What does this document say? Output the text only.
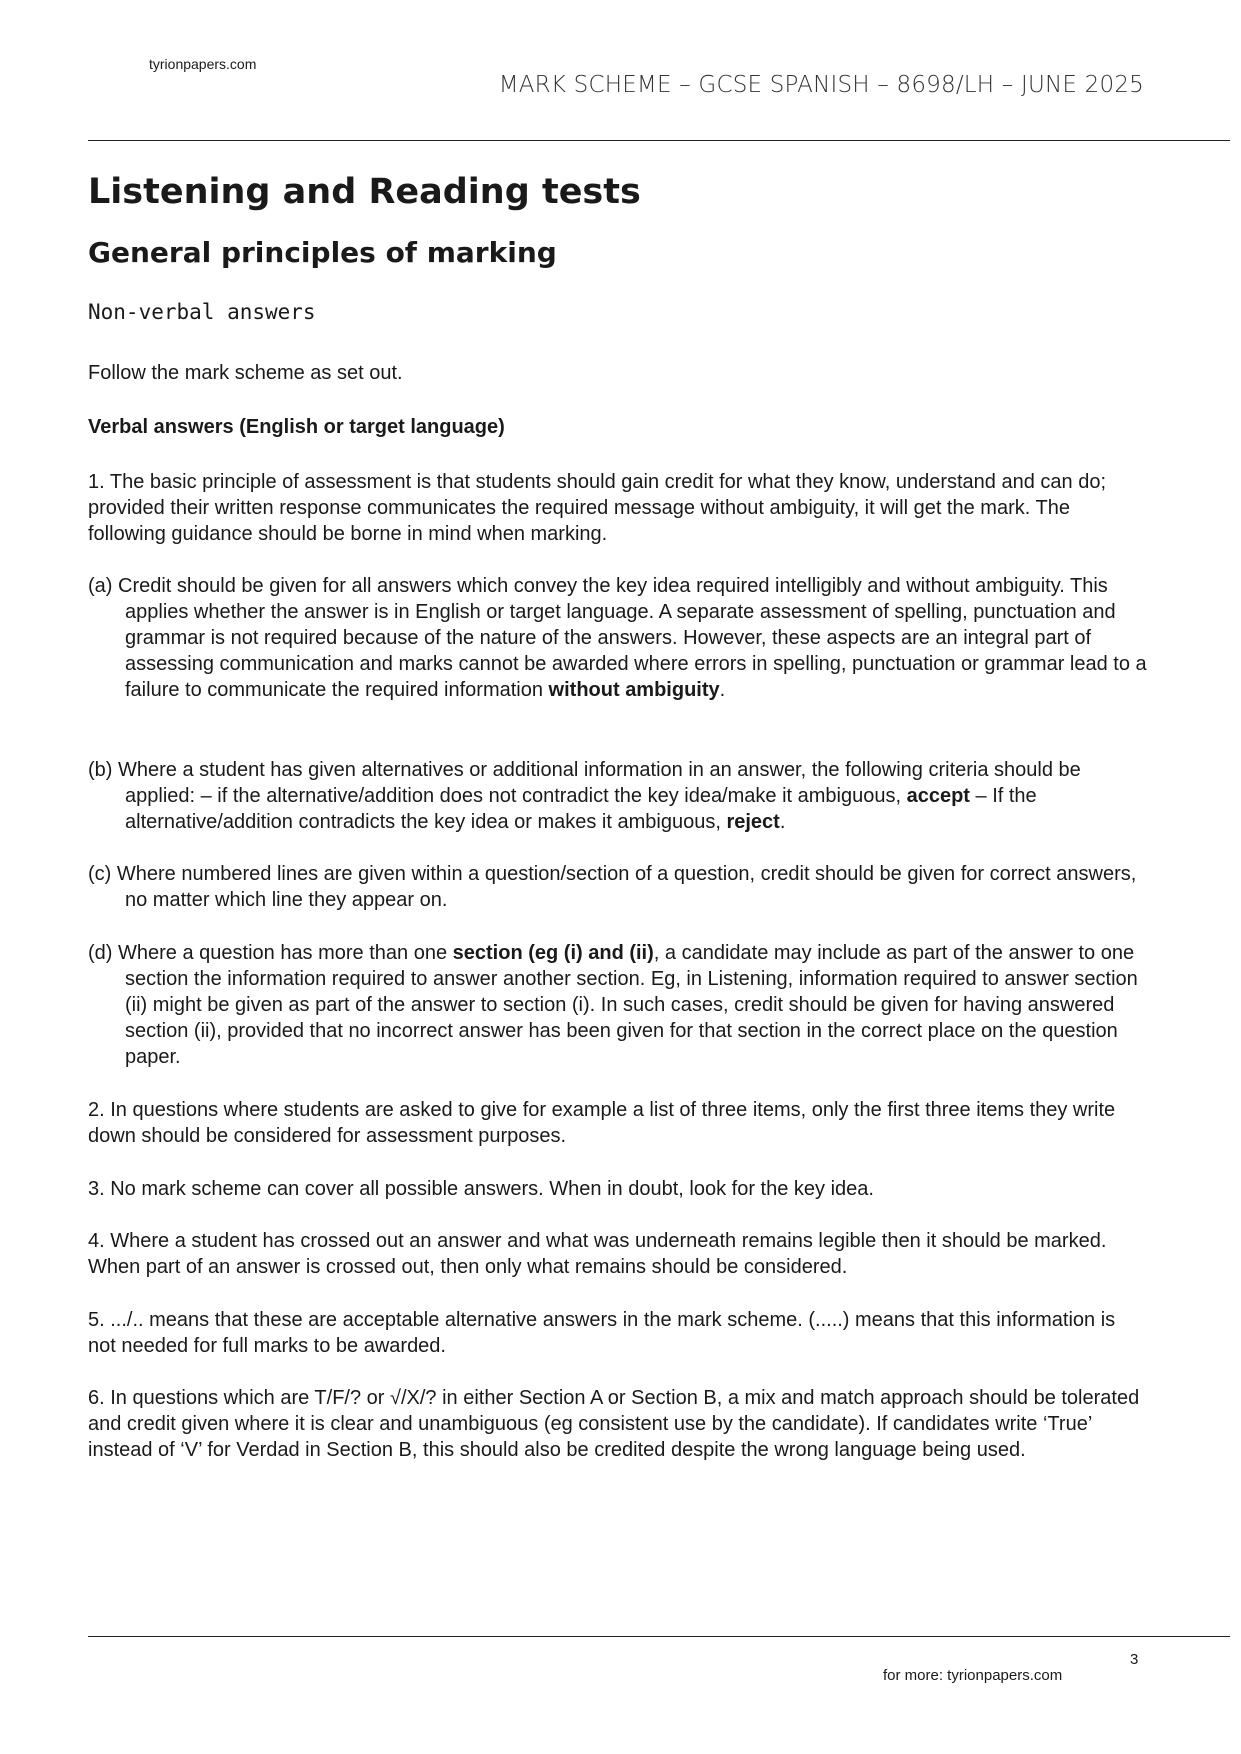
tyrionpapers.com
MARK SCHEME – GCSE SPANISH – 8698/LH – JUNE 2025
Listening and Reading tests
General principles of marking
Non-verbal answers

Follow the mark scheme as set out.

Verbal answers (English or target language)

1. The basic principle of assessment is that students should gain credit for what they know, understand and can do; provided their written response communicates the required message without ambiguity, it will get the mark. The following guidance should be borne in mind when marking.

(a) Credit should be given for all answers which convey the key idea required intelligibly and without ambiguity. This applies whether the answer is in English or target language. A separate assessment of spelling, punctuation and grammar is not required because of the nature of the answers. However, these aspects are an integral part of assessing communication and marks cannot be awarded where errors in spelling, punctuation or grammar lead to a failure to communicate the required information without ambiguity.

(b) Where a student has given alternatives or additional information in an answer, the following criteria should be applied: – if the alternative/addition does not contradict the key idea/make it ambiguous, accept – If the alternative/addition contradicts the key idea or makes it ambiguous, reject.

(c) Where numbered lines are given within a question/section of a question, credit should be given for correct answers, no matter which line they appear on.

(d) Where a question has more than one section (eg (i) and (ii), a candidate may include as part of the answer to one section the information required to answer another section. Eg, in Listening, information required to answer section (ii) might be given as part of the answer to section (i). In such cases, credit should be given for having answered section (ii), provided that no incorrect answer has been given for that section in the correct place on the question paper.

2. In questions where students are asked to give for example a list of three items, only the first three items they write down should be considered for assessment purposes.

3. No mark scheme can cover all possible answers. When in doubt, look for the key idea.

4. Where a student has crossed out an answer and what was underneath remains legible then it should be marked. When part of an answer is crossed out, then only what remains should be considered.

5. .../.. means that these are acceptable alternative answers in the mark scheme. (.....) means that this information is not needed for full marks to be awarded.

6. In questions which are T/F/? or √/X/? in either Section A or Section B, a mix and match approach should be tolerated and credit given where it is clear and unambiguous (eg consistent use by the candidate). If candidates write ‘True’ instead of ‘V’ for Verdad in Section B, this should also be credited despite the wrong language being used.

3
for more: tyrionpapers.com
